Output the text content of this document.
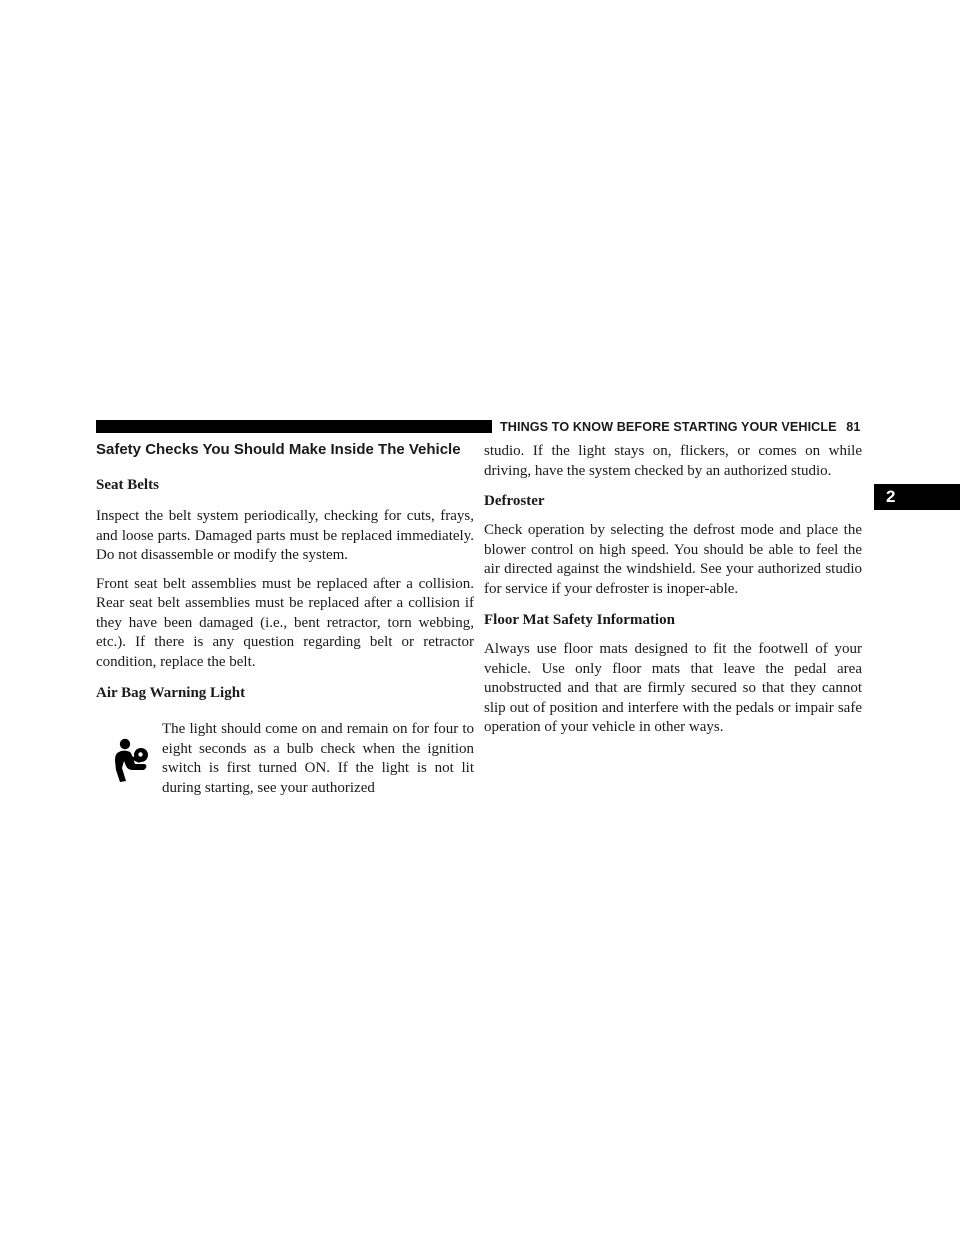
THINGS TO KNOW BEFORE STARTING YOUR VEHICLE 81
2
Safety Checks You Should Make Inside The Vehicle
Seat Belts

Inspect the belt system periodically, checking for cuts, frays, and loose parts. Damaged parts must be replaced immediately. Do not disassemble or modify the system.

Front seat belt assemblies must be replaced after a collision. Rear seat belt assemblies must be replaced after a collision if they have been damaged (i.e., bent retractor, torn webbing, etc.). If there is any question regarding belt or retractor condition, replace the belt.

Air Bag Warning Light

The light should come on and remain on for four to eight seconds as a bulb check when the ignition switch is first turned ON. If the light is not lit during starting, see your authorized

studio. If the light stays on, flickers, or comes on while driving, have the system checked by an authorized studio.

Defroster

Check operation by selecting the defrost mode and place the blower control on high speed. You should be able to feel the air directed against the windshield. See your authorized studio for service if your defroster is inoper-able.

Floor Mat Safety Information

Always use floor mats designed to fit the footwell of your vehicle. Use only floor mats that leave the pedal area unobstructed and that are firmly secured so that they cannot slip out of position and interfere with the pedals or impair safe operation of your vehicle in other ways.
